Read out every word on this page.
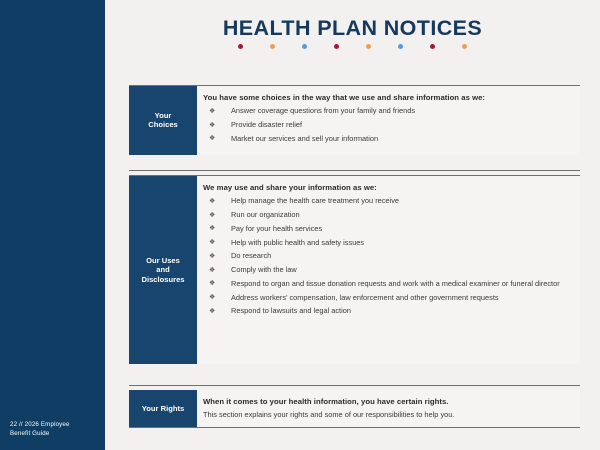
22 // 2026 Employee
Benefit Guide
HEALTH PLAN NOTICES
Your
Choices

You have some choices in the way that we use and share information as we:

❖ Answer coverage questions from your family and friends
❖ Provide disaster relief
❖ Market our services and sell your information
Our Uses
and
Disclosures

We may use and share your information as we:

❖ Help manage the health care treatment you receive
❖ Run our organization
❖ Pay for your health services
❖ Help with public health and safety issues
❖ Do research
❖ Comply with the law
❖ Respond to organ and tissue donation requests and work with a medical examiner or funeral director
❖ Address workers’ compensation, law enforcement and other government requests
❖ Respond to lawsuits and legal action
Your Rights

When it comes to your health information, you have certain rights.

This section explains your rights and some of our responsibilities to help you.
